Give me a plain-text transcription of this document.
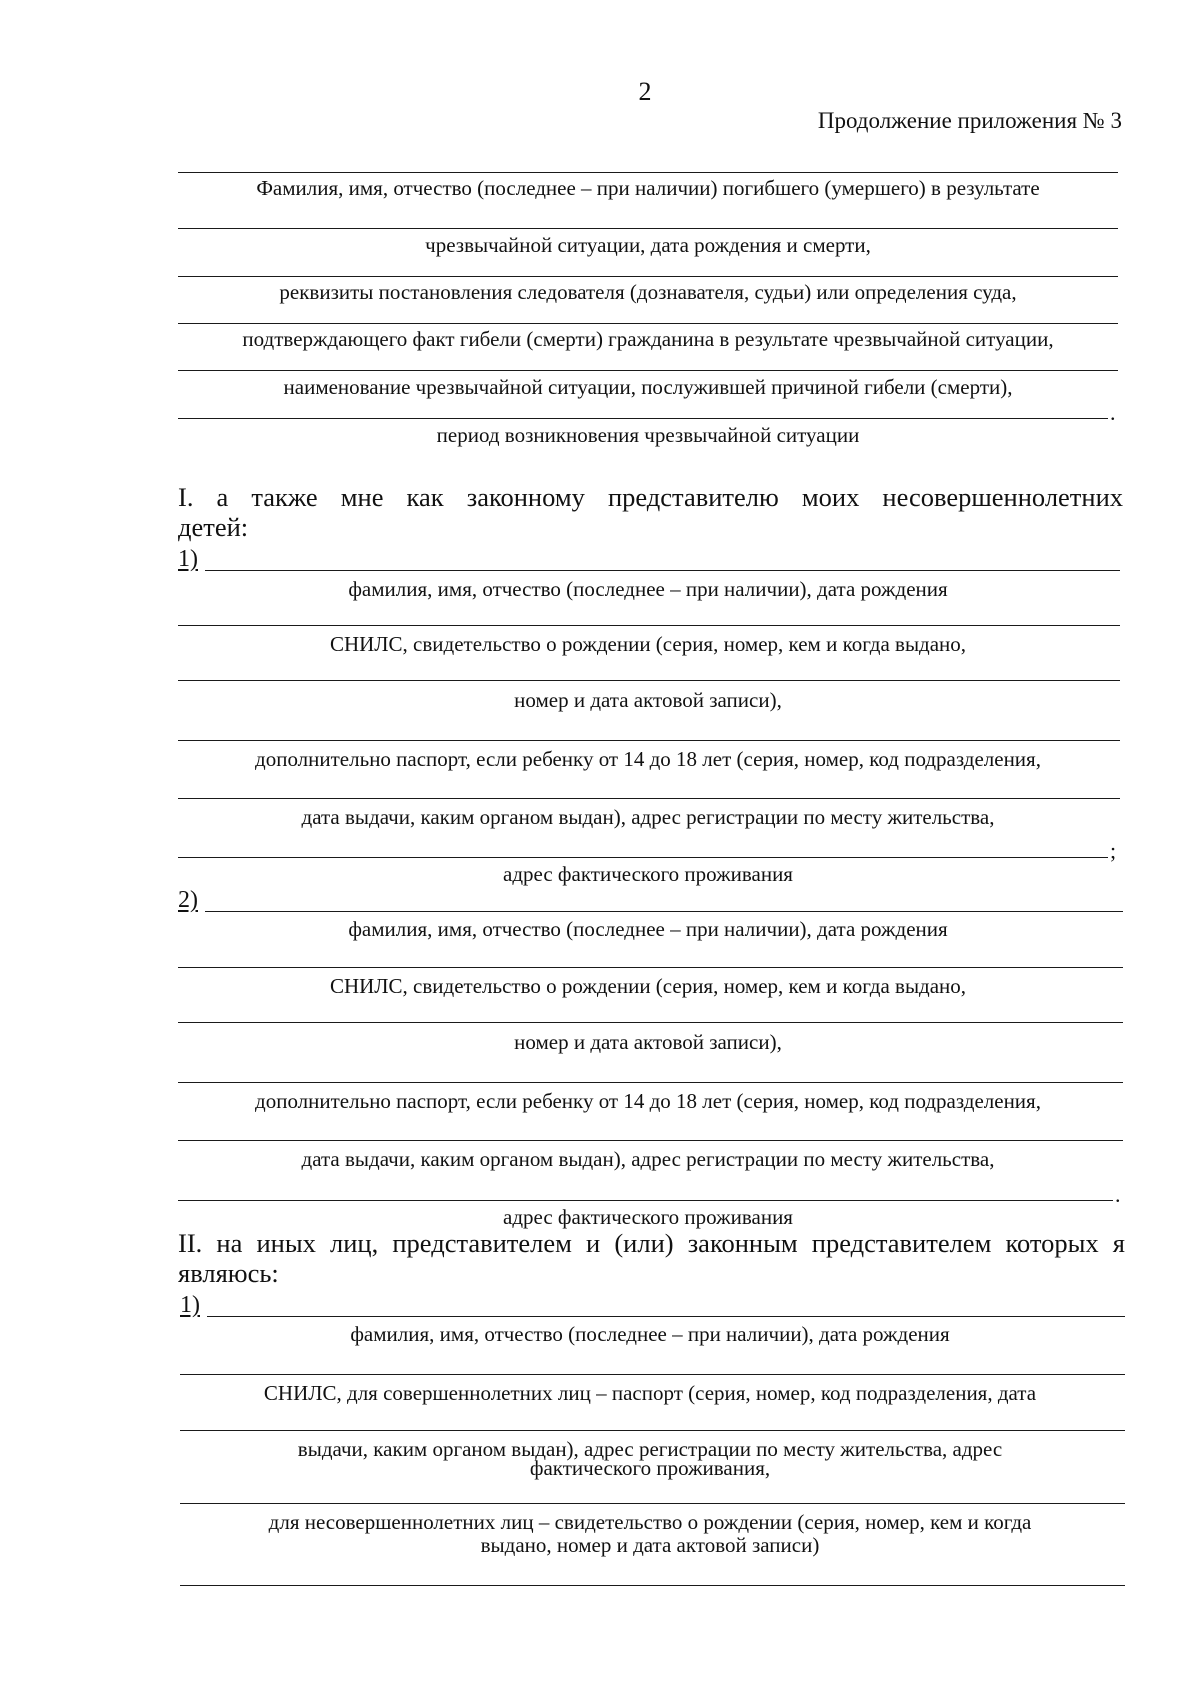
2
Продолжение приложения № 3
Фамилия, имя, отчество (последнее – при наличии) погибшего (умершего) в результате
чрезвычайной ситуации, дата рождения и смерти,
реквизиты постановления следователя (дознавателя, судьи) или определения суда,
подтверждающего факт гибели (смерти) гражданина в результате чрезвычайной ситуации,
наименование чрезвычайной ситуации, послужившей причиной гибели (смерти),
.
период возникновения чрезвычайной ситуации
I. а также мне как законному представителю моих несовершеннолетних
детей:
1)
фамилия, имя, отчество (последнее – при наличии), дата рождения
СНИЛС, свидетельство о рождении (серия, номер, кем и когда выдано,
номер и дата актовой записи),
дополнительно паспорт, если ребенку от 14 до 18 лет (серия, номер, код подразделения,
дата выдачи, каким органом выдан), адрес регистрации по месту жительства,
;
адрес фактического проживания
2)
фамилия, имя, отчество (последнее – при наличии), дата рождения
СНИЛС, свидетельство о рождении (серия, номер, кем и когда выдано,
номер и дата актовой записи),
дополнительно паспорт, если ребенку от 14 до 18 лет (серия, номер, код подразделения,
дата выдачи, каким органом выдан), адрес регистрации по месту жительства,
.
адрес фактического проживания
II. на иных лиц, представителем и (или) законным представителем которых я
являюсь:
1)
фамилия, имя, отчество (последнее – при наличии), дата рождения
СНИЛС, для совершеннолетних лиц – паспорт (серия, номер, код подразделения, дата
выдачи, каким органом выдан), адрес регистрации по месту жительства, адрес
фактического проживания,
для несовершеннолетних лиц – свидетельство о рождении (серия, номер, кем и когда
выдано, номер и дата актовой записи)
